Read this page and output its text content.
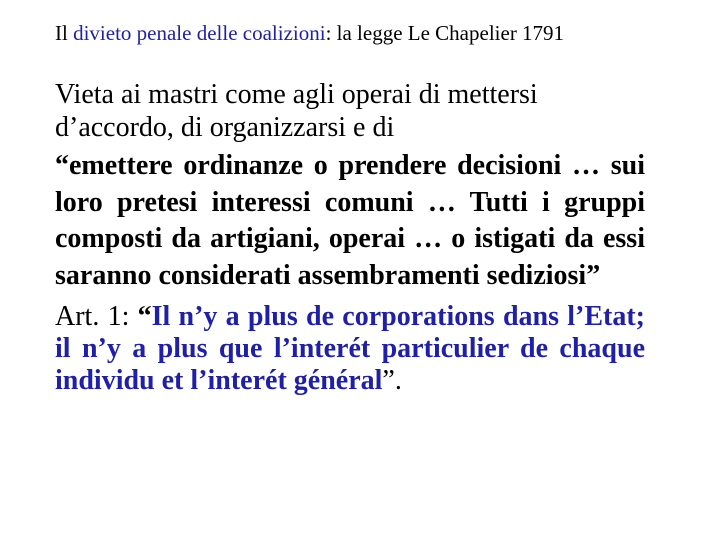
Il divieto penale delle coalizioni: la legge Le Chapelier 1791

Vieta ai mastri come agli operai di mettersi d’accordo, di organizzarsi e di

“emettere ordinanze o prendere decisioni … sui loro pretesi interessi comuni … Tutti i gruppi composti da artigiani, operai … o istigati da essi saranno considerati assembramenti sediziosi”

Art. 1: “Il n’y a plus de corporations dans l’Etat; il n’y a plus que l’interét particulier de chaque individu et l’interét général”.
